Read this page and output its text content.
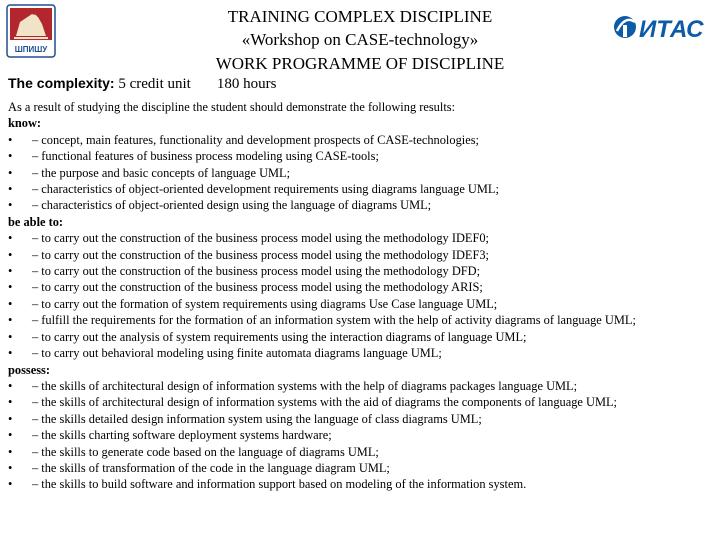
ШПИШУ
ИТАС
TRAINING COMPLEX DISCIPLINE
«Workshop on CASE-technology»
WORK PROGRAMME OF DISCIPLINE
The complexity: 5 credit unit 180 hours
As a result of studying the discipline the student should demonstrate the following results:
know:
•	– concept, main features, functionality and development prospects of CASE-technologies;
•	– functional features of business process modeling using CASE-tools;
•	– the purpose and basic concepts of language UML;
•	– characteristics of object-oriented development requirements using diagrams language UML;
•	– characteristics of object-oriented design using the language of diagrams UML;
be able to:
•	– to carry out the construction of the business process model using the methodology IDEF0;
•	– to carry out the construction of the business process model using the methodology IDEF3;
•	– to carry out the construction of the business process model using the methodology DFD;
•	– to carry out the construction of the business process model using the methodology ARIS;
•	– to carry out the formation of system requirements using diagrams Use Case language UML;
•	– fulfill the requirements for the formation of an information system with the help of activity diagrams of language UML;
•	– to carry out the analysis of system requirements using the interaction diagrams of language UML;
•	– to carry out behavioral modeling using finite automata diagrams language UML;
possess:
•	– the skills of architectural design of information systems with the help of diagrams packages language UML;
•	– the skills of architectural design of information systems with the aid of diagrams the components of language UML;
•	– the skills detailed design information system using the language of class diagrams UML;
•	– the skills charting software deployment systems hardware;
•	– the skills to generate code based on the language of diagrams UML;
•	– the skills of transformation of the code in the language diagram UML;
•	– the skills to build software and information support based on modeling of the information system.
